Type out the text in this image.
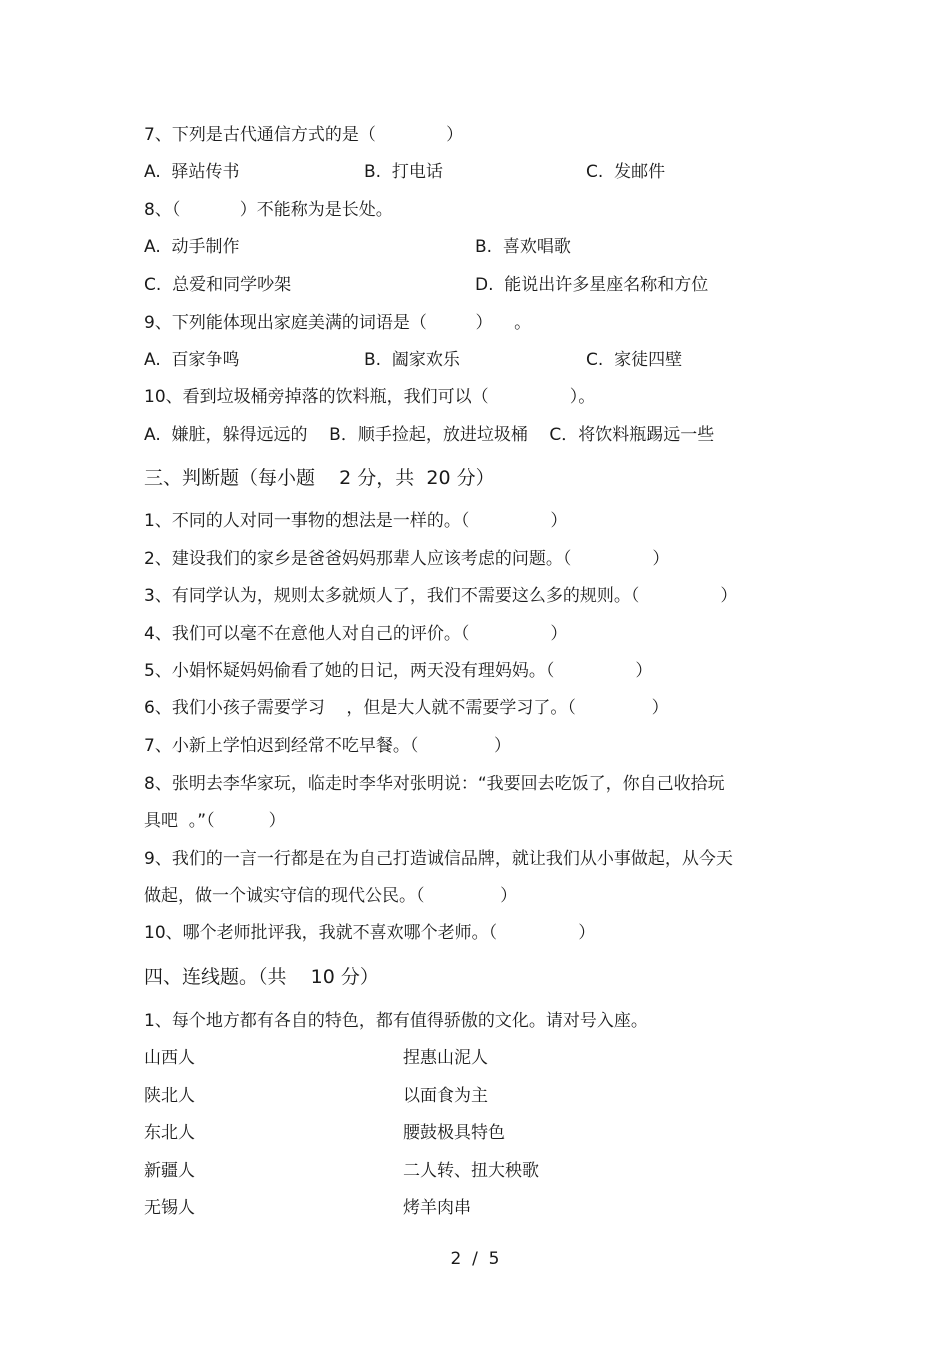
7、下列是古代通信方式的是（             ）
A.  驿站传书	B.  打电话	C.  发邮件
8、（           ）不能称为是长处。
A.  动手制作	B.  喜欢唱歌
C.  总爱和同学吵架	D.  能说出许多星座名称和方位
9、下列能体现出家庭美满的词语是（         ）    。
A.  百家争鸣	B.  阖家欢乐	C.  家徒四壁
10、看到垃圾桶旁掉落的饮料瓶，我们可以（               ）。
A.  嫌脏，躲得远远的    B．顺手捡起，放进垃圾桶    C．将饮料瓶踢远一些
三、判断题（每小题    2 分，共  20 分）
1、不同的人对同一事物的想法是一样的。（               ）
2、建设我们的家乡是爸爸妈妈那辈人应该考虑的问题。（               ）
3、有同学认为，规则太多就烦人了，我们不需要这么多的规则。（               ）
4、我们可以毫不在意他人对自己的评价。（               ）
5、小娟怀疑妈妈偷看了她的日记，两天没有理妈妈。（               ）
6、我们小孩子需要学习    ，但是大人就不需要学习了。（              ）
7、小新上学怕迟到经常不吃早餐。（              ）
8、张明去李华家玩，临走时李华对张明说：“我要回去吃饭了，你自己收拾玩
具吧  。”（          ）
9、我们的一言一行都是在为自己打造诚信品牌，就让我们从小事做起，从今天
做起，做一个诚实守信的现代公民。（              ）
10、哪个老师批评我，我就不喜欢哪个老师。（               ）
四、连线题。（共    10 分）
1、每个地方都有各自的特色，都有值得骄傲的文化。请对号入座。
山西人	捏惠山泥人
陕北人	以面食为主
东北人	腰鼓极具特色
新疆人	二人转、扭大秧歌
无锡人	烤羊肉串
2  /  5
